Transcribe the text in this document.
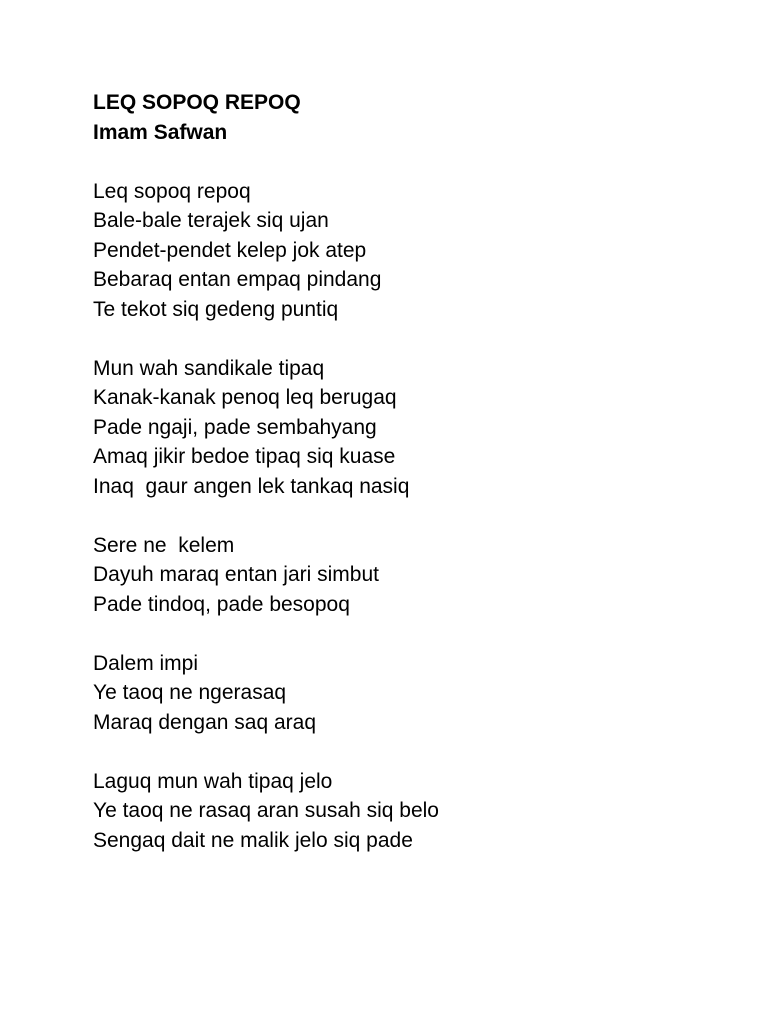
LEQ SOPOQ REPOQ
Imam Safwan
Leq sopoq repoq
Bale-bale terajek siq ujan
Pendet-pendet kelep jok atep
Bebaraq entan empaq pindang
Te tekot siq gedeng puntiq
Mun wah sandikale tipaq
Kanak-kanak penoq leq berugaq
Pade ngaji, pade sembahyang
Amaq jikir bedoe tipaq siq kuase
Inaq  gaur angen lek tankaq nasiq
Sere ne  kelem
Dayuh maraq entan jari simbut
Pade tindoq, pade besopoq
Dalem impi
Ye taoq ne ngerasaq
Maraq dengan saq araq
Laguq mun wah tipaq jelo
Ye taoq ne rasaq aran susah siq belo
Sengaq dait ne malik jelo siq pade
